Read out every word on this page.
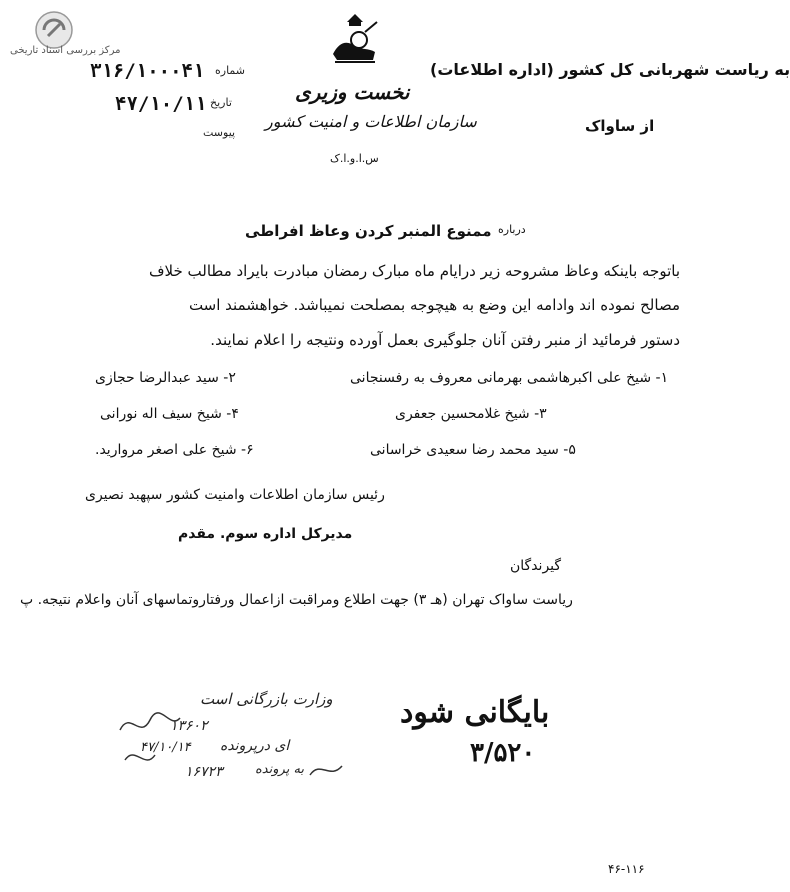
مرکز بررسی اسناد تاریخی
نخست وزیری
سازمان اطلاعات و امنیت کشور
س.ا.و.ا.ک
شماره
۳۱۶/۱۰۰۰۴۱
تاریخ
۴۷/۱۰/۱۱
پیوست
به ریاست شهربانی کل کشور (اداره اطلاعات)
از ساواک
درباره
ممنوع المنبر کردن وعاظ افراطی
باتوجه باینکه وعاظ مشروحه زیر درایام ماه مبارک رمضان مبادرت بایراد مطالب خلاف
مصالح نموده اند وادامه این وضع به هیچوجه بمصلحت نمیباشد. خواهشمند است
دستور فرمائید از منبر رفتن آنان جلوگیری بعمل آورده ونتیجه را اعلام نمایند.
۱- شیخ علی اکبرهاشمی بهرمانی معروف به رفسنجانی
۲- سید عبدالرضا حجازی
۳- شیخ غلامحسین جعفری
۴- شیخ سیف اله نورانی
۵- سید محمد رضا سعیدی خراسانی
۶- شیخ علی اصغر مروارید.
رئیس سازمان اطلاعات وامنیت کشور سپهبد نصیری
مدیرکل اداره سوم. مقدم
گیرندگان
ریاست ساواک تهران (هـ ۳) جهت اطلاع ومراقبت ازاعمال ورفتاروتماسهای آنان واعلام نتیجه. پ
وزارت بازرگانی است
۱۳۶۰۲
ای درپرونده
۴۷/۱۰/۱۴
به پرونده
۱۶۷۲۳
بایگانی شود
۳/۵۲۰
۴۶-۱۱۶
